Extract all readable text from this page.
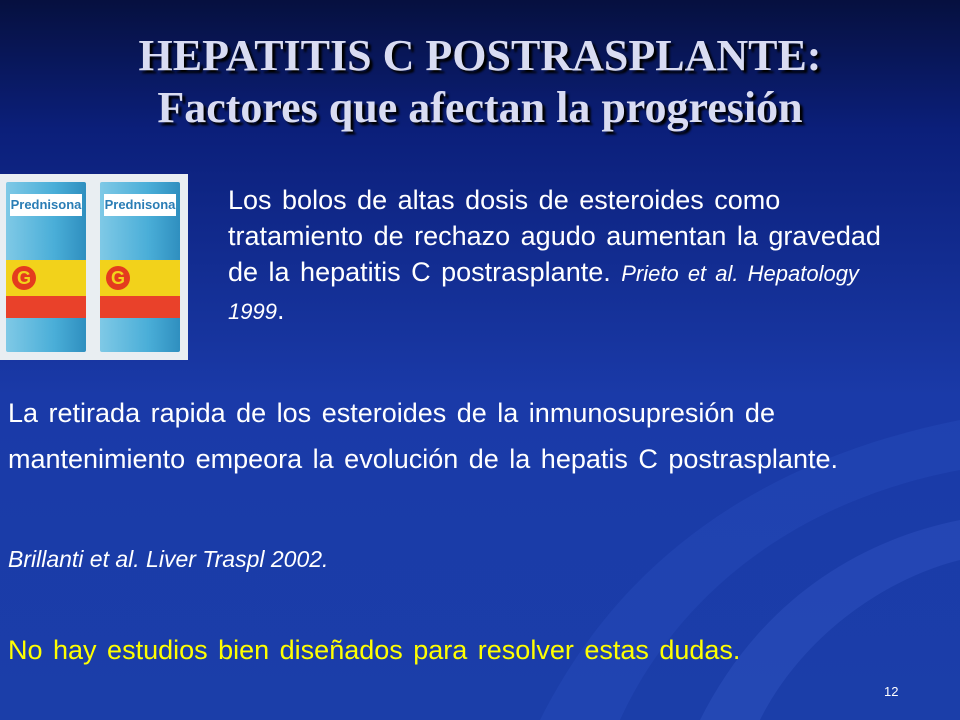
HEPATITIS C POSTRASPLANTE:
Factores que afectan la progresión
Prednisona
G
Prednisona
G
Los bolos de altas dosis de esteroides como tratamiento de rechazo agudo aumentan la gravedad de la hepatitis C postrasplante. Prieto et al. Hepatology 1999.
La retirada rapida de los esteroides de la inmunosupresión de mantenimiento empeora la evolución de la hepatis C postrasplante.
Brillanti et al. Liver Traspl 2002.
No hay estudios bien diseñados para resolver estas dudas.
12
